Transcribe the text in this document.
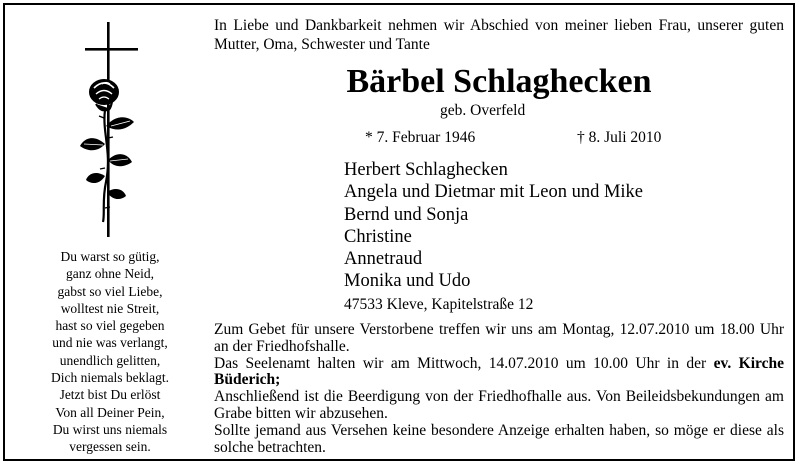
Du warst so gütig,
ganz ohne Neid,
gabst so viel Liebe,
wolltest nie Streit,
hast so viel gegeben
und nie was verlangt,
unendlich gelitten,
Dich niemals beklagt.
Jetzt bist Du erlöst
Von all Deiner Pein,
Du wirst uns niemals
vergessen sein.
In Liebe und Dankbarkeit nehmen wir Abschied von meiner lieben Frau, unserer guten Mutter, Oma, Schwester und Tante
Bärbel Schlaghecken
geb. Overfeld
* 7. Februar 1946	† 8. Juli 2010
Herbert Schlaghecken
Angela und Dietmar mit Leon und Mike
Bernd und Sonja
Christine
Annetraud
Monika und Udo
47533 Kleve, Kapitelstraße 12

Zum Gebet für unsere Verstorbene treffen wir uns am Montag, 12.07.2010 um 18.00 Uhr an der Friedhofshalle.

Das Seelenamt halten wir am Mittwoch, 14.07.2010 um 10.00 Uhr in der ev. Kirche Büderich;

Anschließend ist die Beerdigung von der Friedhofhalle aus. Von Beileidsbekundungen am Grabe bitten wir abzusehen.

Sollte jemand aus Versehen keine besondere Anzeige erhalten haben, so möge er diese als solche betrachten.
